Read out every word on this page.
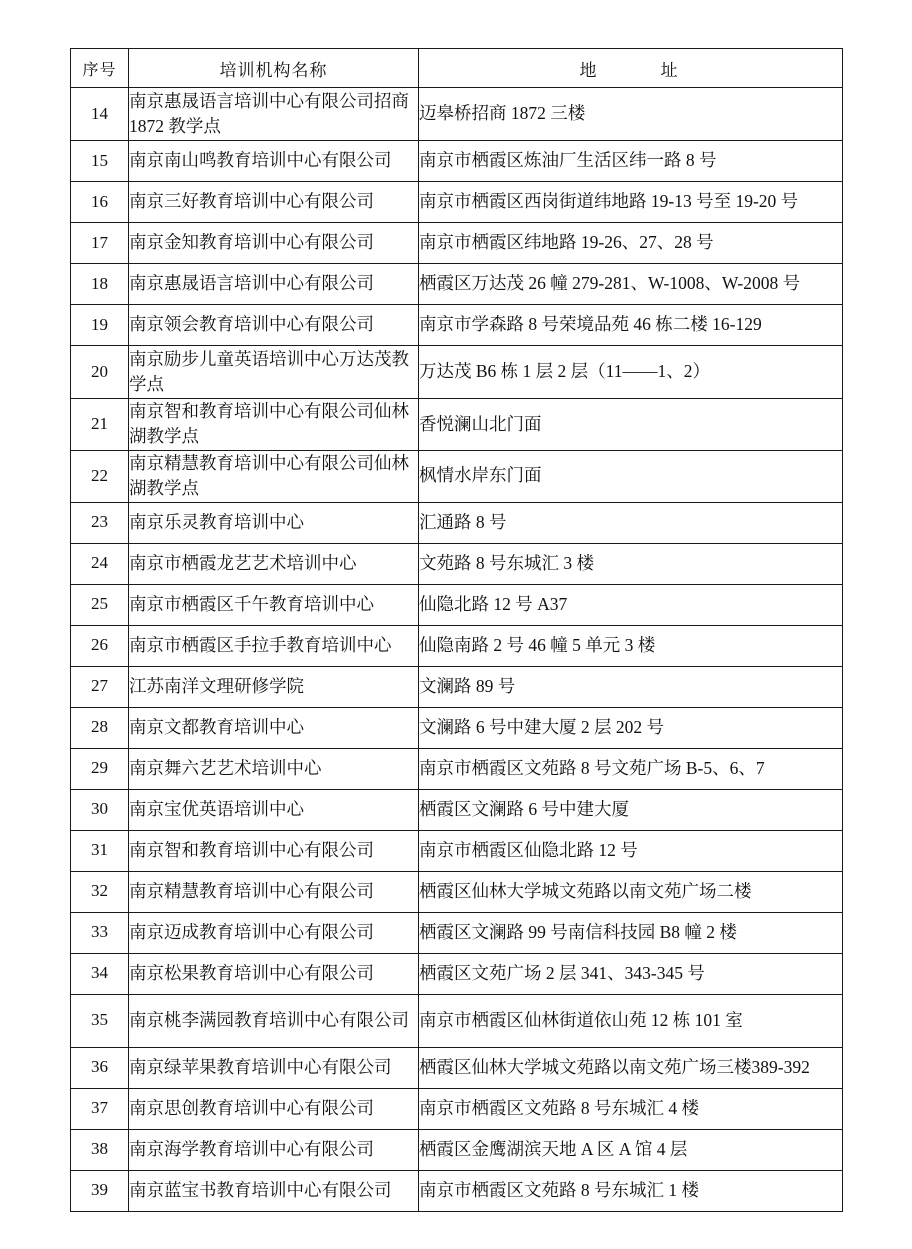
序号	培训机构名称	地　　址
14	南京惠晟语言培训中心有限公司招商 1872 教学点	迈皋桥招商 1872 三楼
15	南京南山鸣教育培训中心有限公司	南京市栖霞区炼油厂生活区纬一路 8 号
16	南京三好教育培训中心有限公司	南京市栖霞区西岗街道纬地路 19-13 号至 19-20 号
17	南京金知教育培训中心有限公司	南京市栖霞区纬地路 19-26、27、28 号
18	南京惠晟语言培训中心有限公司	栖霞区万达茂 26 幢 279-281、W-1008、W-2008 号
19	南京领会教育培训中心有限公司	南京市学森路 8 号荣境品苑 46 栋二楼 16-129
20	南京励步儿童英语培训中心万达茂教学点	万达茂 B6 栋 1 层 2 层（11——1、2）
21	南京智和教育培训中心有限公司仙林湖教学点	香悦澜山北门面
22	南京精慧教育培训中心有限公司仙林湖教学点	枫情水岸东门面
23	南京乐灵教育培训中心	汇通路 8 号
24	南京市栖霞龙艺艺术培训中心	文苑路 8 号东城汇 3 楼
25	南京市栖霞区千午教育培训中心	仙隐北路 12 号 A37
26	南京市栖霞区手拉手教育培训中心	仙隐南路 2 号 46 幢 5 单元 3 楼
27	江苏南洋文理研修学院	文澜路 89 号
28	南京文都教育培训中心	文澜路 6 号中建大厦 2 层 202 号
29	南京舞六艺艺术培训中心	南京市栖霞区文苑路 8 号文苑广场 B-5、6、7
30	南京宝优英语培训中心	栖霞区文澜路 6 号中建大厦
31	南京智和教育培训中心有限公司	南京市栖霞区仙隐北路 12 号
32	南京精慧教育培训中心有限公司	栖霞区仙林大学城文苑路以南文苑广场二楼
33	南京迈成教育培训中心有限公司	栖霞区文澜路 99 号南信科技园 B8 幢 2 楼
34	南京松果教育培训中心有限公司	栖霞区文苑广场 2 层 341、343-345 号
35	南京桃李满园教育培训中心有限公司	南京市栖霞区仙林街道依山苑 12 栋 101 室
36	南京绿苹果教育培训中心有限公司	栖霞区仙林大学城文苑路以南文苑广场三楼389-392
37	南京思创教育培训中心有限公司	南京市栖霞区文苑路 8 号东城汇 4 楼
38	南京海学教育培训中心有限公司	栖霞区金鹰湖滨天地 A 区 A 馆 4 层
39	南京蓝宝书教育培训中心有限公司	南京市栖霞区文苑路 8 号东城汇 1 楼
